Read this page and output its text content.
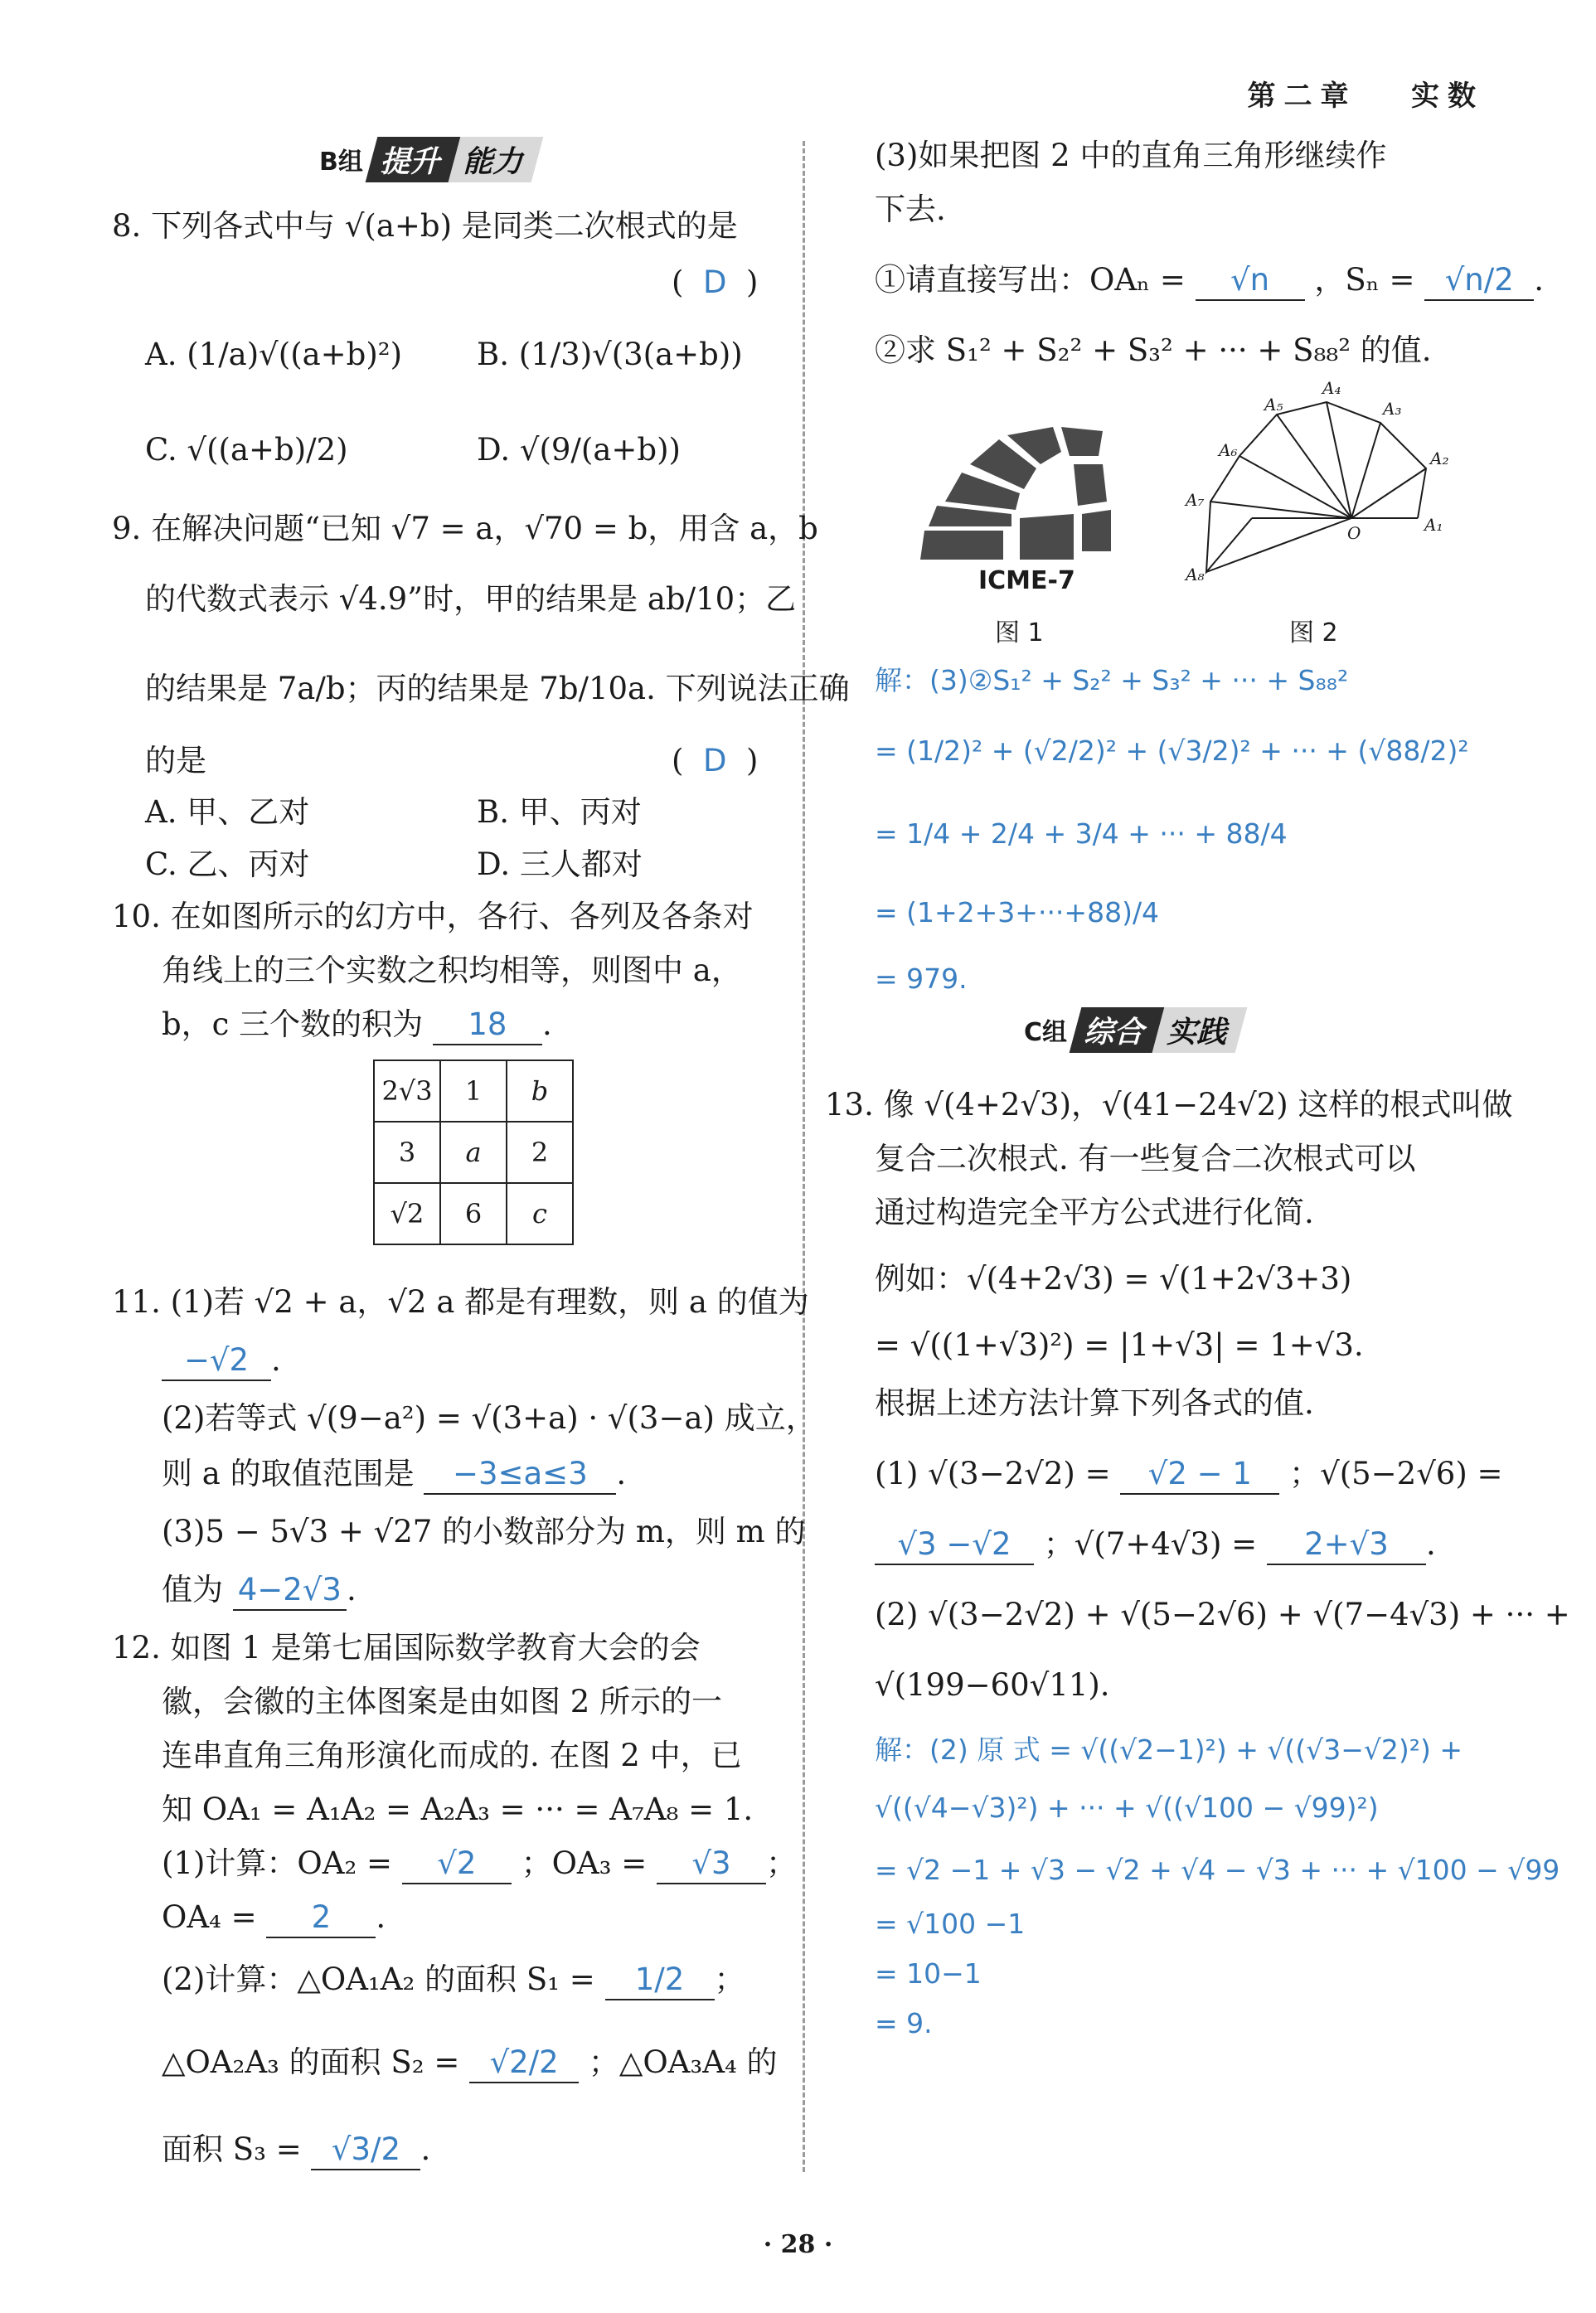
第二章 实数
B组 提升 能力
8. 下列各式中与 √(a+b) 是同类二次根式的是
(  D  )
A. (1/a)√((a+b)²) B. (1/3)√(3(a+b))
C. √((a+b)/2)	D. √(9/(a+b))
9. 在解决问题“已知 √7 = a，√70 = b，用含 a，b
的代数式表示 √4.9”时，甲的结果是 ab/10；乙
的结果是 7a/b；丙的结果是 7b/10a. 下列说法正确
的是	(  D  )
A. 甲、乙对	B. 甲、丙对
C. 乙、丙对	D. 三人都对
10. 在如图所示的幻方中，各行、各列及各条对
角线上的三个实数之积均相等，则图中 a，
b，c 三个数的积为 18 .
2√3	1	b
3	a	2
√2	6	c
11. (1)若 √2 + a，√2 a 都是有理数，则 a 的值为
−√2 .
(2)若等式 √(9−a²) = √(3+a) · √(3−a) 成立，
则 a 的取值范围是 −3≤a≤3 .
(3)5 − 5√3 + √27 的小数部分为 m，则 m 的
值为 4−2√3 .
12. 如图 1 是第七届国际数学教育大会的会
徽，会徽的主体图案是由如图 2 所示的一
连串直角三角形演化而成的. 在图 2 中，已
知 OA₁ = A₁A₂ = A₂A₃ = ··· = A₇A₈ = 1.
(1)计算：OA₂ = √2 ；OA₃ = √3 ；
OA₄ = 2 .
(2)计算：△OA₁A₂ 的面积 S₁ = 1/2 ；
△OA₂A₃ 的面积 S₂ = √2/2 ；△OA₃A₄ 的
面积 S₃ = √3/2 .
(3)如果把图 2 中的直角三角形继续作
下去.
①请直接写出：OAₙ = √n ，Sₙ = √n/2 .
②求 S₁² + S₂² + S₃² + ··· + S₈₈² 的值.
ICME-7
图 1
A₁
A₂
A₃
A₄
A₅
A₆
A₇
A₈
O
图 2
解：(3)②S₁² + S₂² + S₃² + ··· + S₈₈²
= (1/2)² + (√2/2)² + (√3/2)² + ··· + (√88/2)²
= 1/4 + 2/4 + 3/4 + ··· + 88/4
= (1+2+3+···+88)/4
= 979.
C组 综合 实践
13. 像 √(4+2√3)，√(41−24√2) 这样的根式叫做
复合二次根式. 有一些复合二次根式可以
通过构造完全平方公式进行化简.
例如：√(4+2√3) = √(1+2√3+3)
= √((1+√3)²) = |1+√3| = 1+√3.
根据上述方法计算下列各式的值.
(1) √(3−2√2) = √2 − 1 ；√(5−2√6) =
√3 −√2 ；√(7+4√3) = 2+√3 .
(2) √(3−2√2) + √(5−2√6) + √(7−4√3) + ··· +
√(199−60√11).
解：(2) 原 式 = √((√2−1)²) + √((√3−√2)²) +
√((√4−√3)²) + ··· + √((√100 − √99)²)
= √2 −1 + √3 − √2 + √4 − √3 + ··· + √100 − √99
= √100 −1
= 10−1
= 9.
· 28 ·
